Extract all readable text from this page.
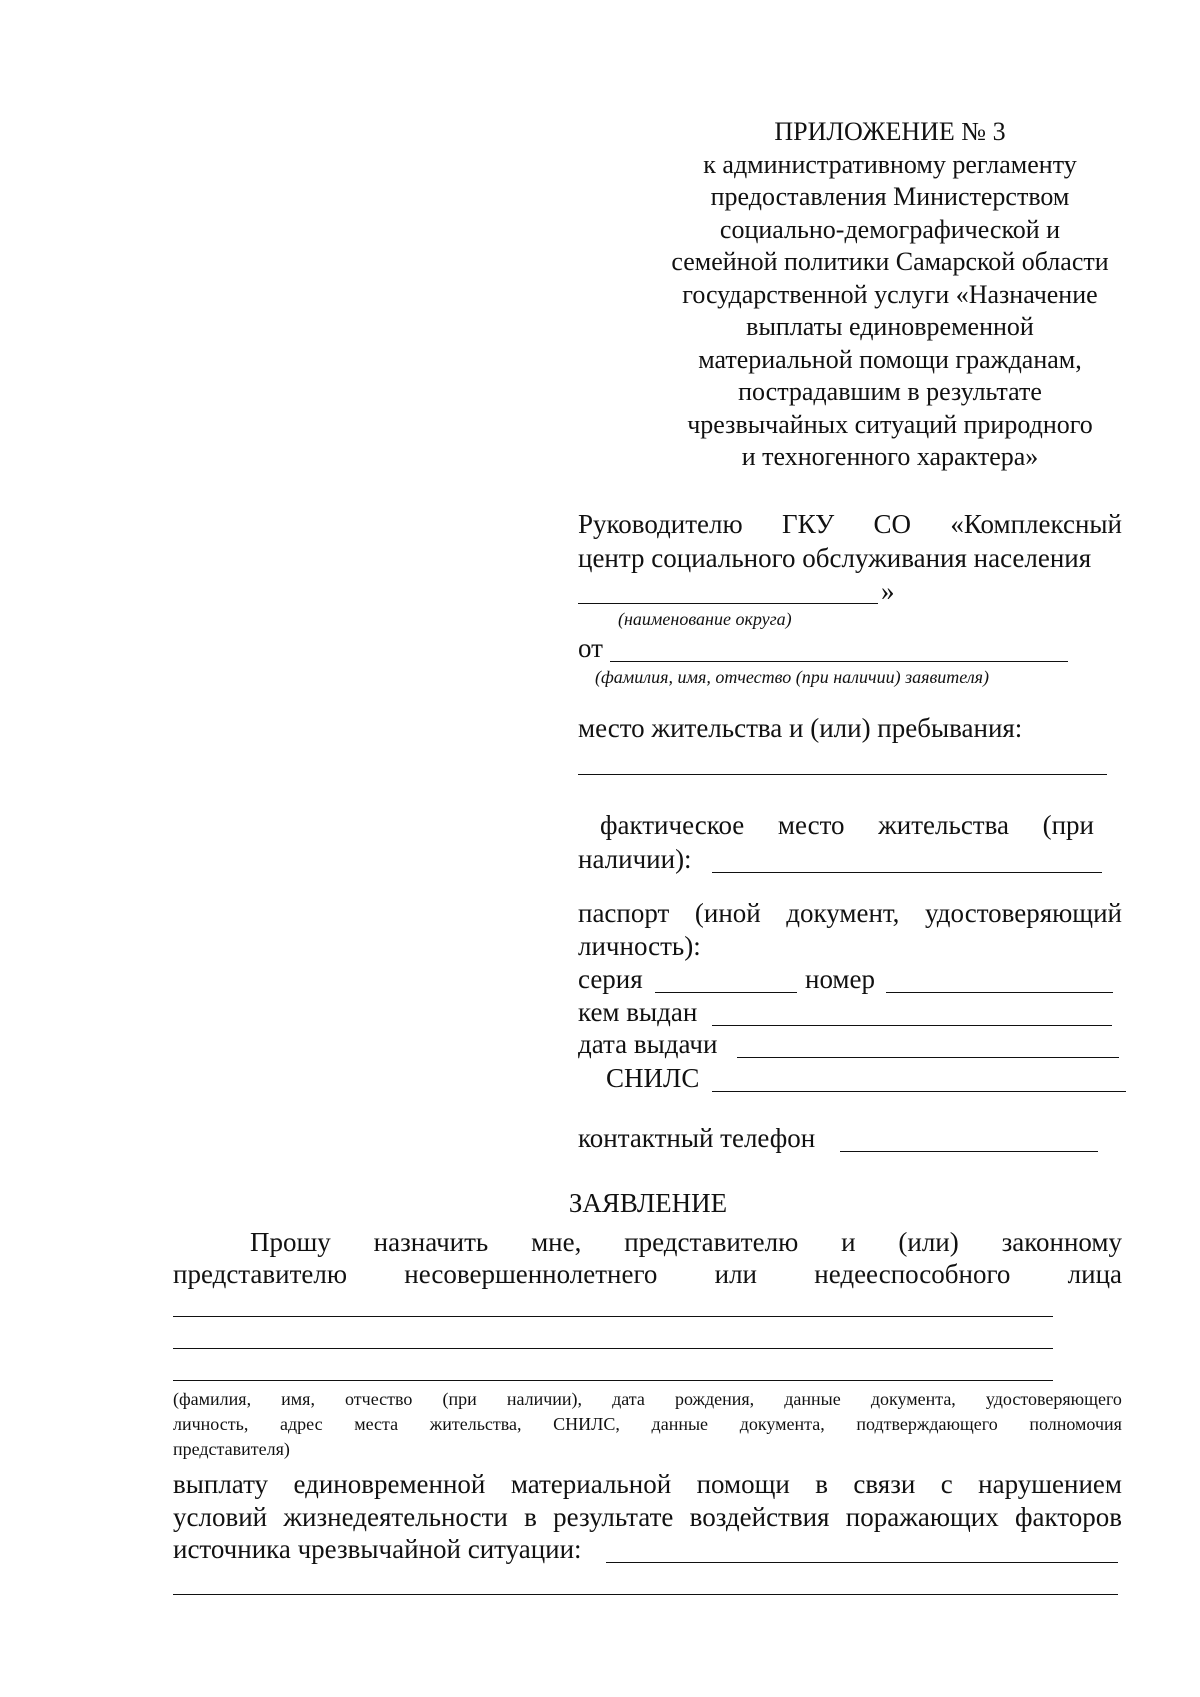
ПРИЛОЖЕНИЕ № 3
к административному регламенту
предоставления Министерством
социально-демографической и
семейной политики Самарской области
государственной услуги «Назначение
выплаты единовременной
материальной помощи гражданам,
пострадавшим в результате
чрезвычайных ситуаций природного
и техногенного характера»
Руководителю ГКУ СО «Комплексный
центр социального обслуживания населения
»
(наименование округа)
от
(фамилия, имя, отчество (при наличии) заявителя)
место жительства и (или) пребывания:
фактическое место жительства (при
наличии):
паспорт (иной документ, удостоверяющий
личность):
серия	номер
кем выдан
дата выдачи
СНИЛС
контактный телефон
ЗАЯВЛЕНИЕ
Прошу назначить мне, представителю и (или) законному
представителю несовершеннолетнего или недееспособного лица
(фамилия, имя, отчество (при наличии), дата рождения, данные документа, удостоверяющего
личность, адрес места жительства, СНИЛС, данные документа, подтверждающего полномочия
представителя)
выплату единовременной материальной помощи в связи с нарушением
условий жизнедеятельности в результате воздействия поражающих факторов
источника чрезвычайной ситуации:
